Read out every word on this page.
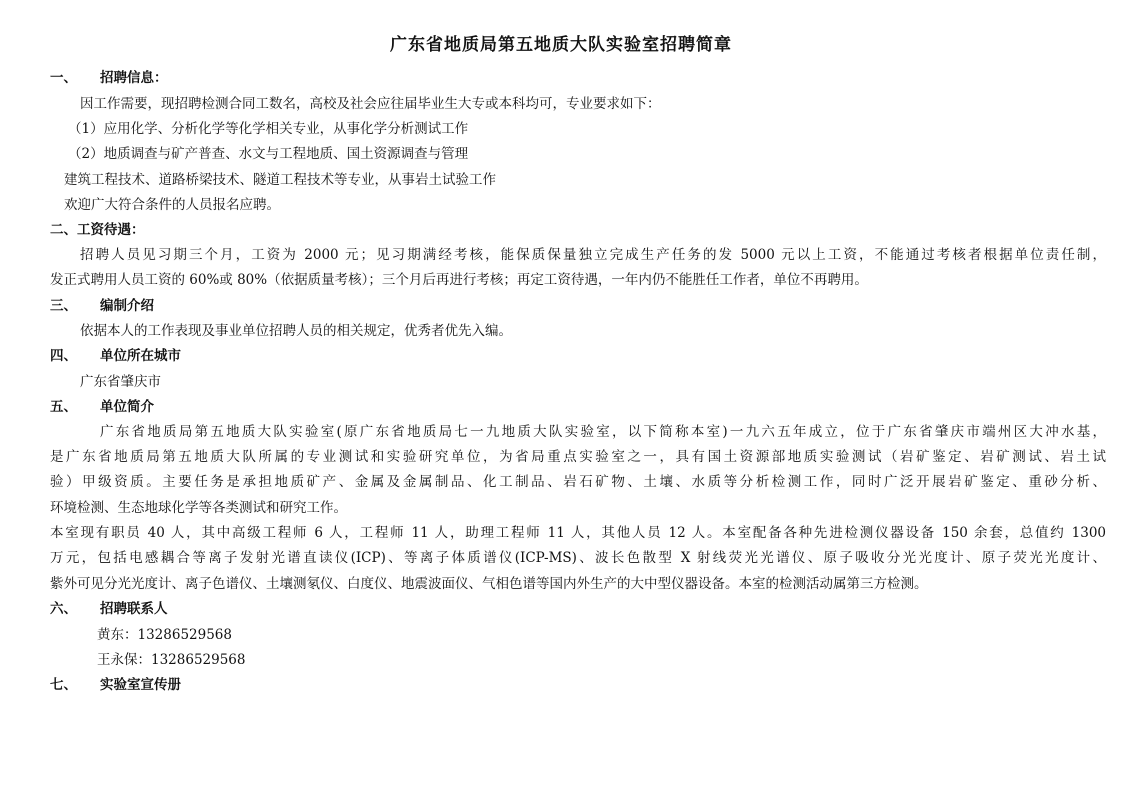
广东省地质局第五地质大队实验室招聘简章
一、 招聘信息：
因工作需要，现招聘检测合同工数名，高校及社会应往届毕业生大专或本科均可，专业要求如下：
（1）应用化学、分析化学等化学相关专业，从事化学分析测试工作
（2）地质调查与矿产普查、水文与工程地质、国土资源调查与管理
建筑工程技术、道路桥梁技术、隧道工程技术等专业，从事岩土试验工作
欢迎广大符合条件的人员报名应聘。
二、工资待遇：
招聘人员见习期三个月，工资为 2000 元；见习期满经考核，能保质保量独立完成生产任务的发 5000 元以上工资，不能通过考核者根据单位责任制，
发正式聘用人员工资的 60%或 80%（依据质量考核）；三个月后再进行考核；再定工资待遇，一年内仍不能胜任工作者，单位不再聘用。
三、 编制介绍
依据本人的工作表现及事业单位招聘人员的相关规定，优秀者优先入编。
四、 单位所在城市
广东省肇庆市
五、 单位简介
广东省地质局第五地质大队实验室(原广东省地质局七一九地质大队实验室，以下简称本室)一九六五年成立，位于广东省肇庆市端州区大冲水基，
是广东省地质局第五地质大队所属的专业测试和实验研究单位，为省局重点实验室之一，具有国土资源部地质实验测试（岩矿鉴定、岩矿测试、岩土试
验）甲级资质。主要任务是承担地质矿产、金属及金属制品、化工制品、岩石矿物、土壤、水质等分析检测工作，同时广泛开展岩矿鉴定、重砂分析、
环境检测、生态地球化学等各类测试和研究工作。
本室现有职员 40 人，其中高级工程师 6 人，工程师 11 人，助理工程师 11 人，其他人员 12 人。本室配备各种先进检测仪器设备 150 余套，总值约 1300
万元，包括电感耦合等离子发射光谱直读仪(ICP)、等离子体质谱仪(ICP-MS)、波长色散型 X 射线荧光光谱仪、原子吸收分光光度计、原子荧光光度计、
紫外可见分光光度计、离子色谱仪、土壤测氡仪、白度仪、地震波面仪、气相色谱等国内外生产的大中型仪器设备。本室的检测活动属第三方检测。
六、 招聘联系人
黄东：13286529568
王永保：13286529568
七、 实验室宣传册
